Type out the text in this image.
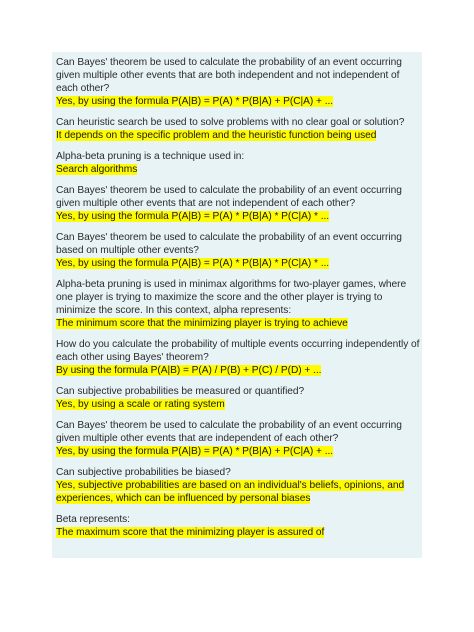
Can Bayes' theorem be used to calculate the probability of an event occurring given multiple other events that are both independent and not independent of each other?
Yes, by using the formula P(A|B) = P(A) * P(B|A) + P(C|A) + ...
Can heuristic search be used to solve problems with no clear goal or solution?
It depends on the specific problem and the heuristic function being used
Alpha-beta pruning is a technique used in:
Search algorithms
Can Bayes' theorem be used to calculate the probability of an event occurring given multiple other events that are not independent of each other?
Yes, by using the formula P(A|B) = P(A) * P(B|A) * P(C|A) * ...
Can Bayes' theorem be used to calculate the probability of an event occurring based on multiple other events?
Yes, by using the formula P(A|B) = P(A) * P(B|A) * P(C|A) * ...
Alpha-beta pruning is used in minimax algorithms for two-player games, where one player is trying to maximize the score and the other player is trying to minimize the score. In this context, alpha represents:
The minimum score that the minimizing player is trying to achieve
How do you calculate the probability of multiple events occurring independently of each other using Bayes' theorem?
By using the formula P(A|B) = P(A) / P(B) + P(C) / P(D) + ...
Can subjective probabilities be measured or quantified?
Yes, by using a scale or rating system
Can Bayes' theorem be used to calculate the probability of an event occurring given multiple other events that are independent of each other?
Yes, by using the formula P(A|B) = P(A) * P(B|A) + P(C|A) + ...
Can subjective probabilities be biased?
Yes, subjective probabilities are based on an individual's beliefs, opinions, and experiences, which can be influenced by personal biases
Beta represents:
The maximum score that the minimizing player is assured of
